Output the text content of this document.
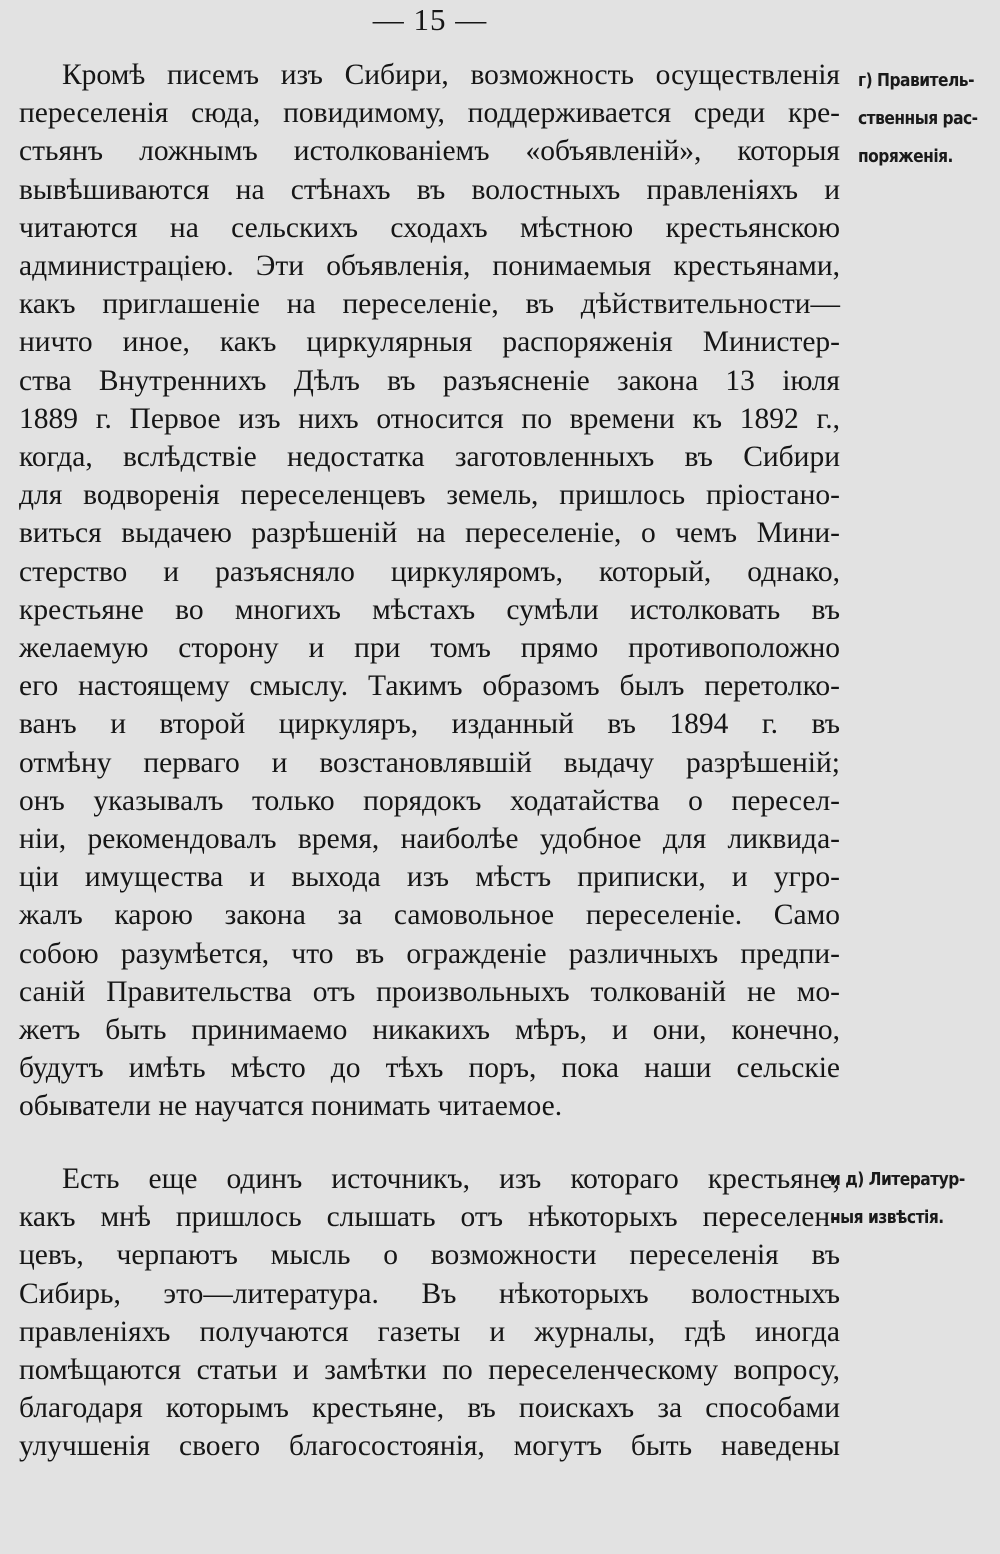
— 15 —
г) Правитель-
ственныя рас-
поряженія.
и д) Литератур-
ныя извѣстія.
Кромѣ писемъ изъ Сибири, возможность осуществленія
переселенія сюда, повидимому, поддерживается среди кре-
стьянъ ложнымъ истолкованіемъ «объявленій», которыя
вывѣшиваются на стѣнахъ въ волостныхъ правленіяхъ и
читаются на сельскихъ сходахъ мѣстною крестьянскою
администраціею. Эти объявленія, понимаемыя крестьянами,
какъ приглашеніе на переселеніе, въ дѣйствительности—
ничто иное, какъ циркулярныя распоряженія Министер-
ства Внутреннихъ Дѣлъ въ разъясненіе закона 13 іюля
1889 г. Первое изъ нихъ относится по времени къ 1892 г.,
когда, вслѣдствіе недостатка заготовленныхъ въ Сибири
для водворенія переселенцевъ земель, пришлось пріостано-
виться выдачею разрѣшеній на переселеніе, о чемъ Мини-
стерство и разъясняло циркуляромъ, который, однако,
крестьяне во многихъ мѣстахъ сумѣли истолковать въ
желаемую сторону и при томъ прямо противоположно
его настоящему смыслу. Такимъ образомъ былъ перетолко-
ванъ и второй циркуляръ, изданный въ 1894 г. въ
отмѣну перваго и возстановлявшій выдачу разрѣшеній;
онъ указывалъ только порядокъ ходатайства о пересел-
ніи, рекомендовалъ время, наиболѣе удобное для ликвида-
ціи имущества и выхода изъ мѣстъ приписки, и угро-
жалъ карою закона за самовольное переселеніе. Само
собою разумѣется, что въ огражденіе различныхъ предпи-
саній Правительства отъ произвольныхъ толкованій не мо-
жетъ быть принимаемо никакихъ мѣръ, и они, конечно,
будутъ имѣть мѣсто до тѣхъ поръ, пока наши сельскіе
обыватели не научатся понимать читаемое.
Есть еще одинъ источникъ, изъ котораго крестьяне,
какъ мнѣ пришлось слышать отъ нѣкоторыхъ переселен-
цевъ, черпаютъ мысль о возможности переселенія въ
Сибирь, это—литература. Въ нѣкоторыхъ волостныхъ
правленіяхъ получаются газеты и журналы, гдѣ иногда
помѣщаются статьи и замѣтки по переселенческому вопросу,
благодаря которымъ крестьяне, въ поискахъ за способами
улучшенія своего благосостоянія, могутъ быть наведены
